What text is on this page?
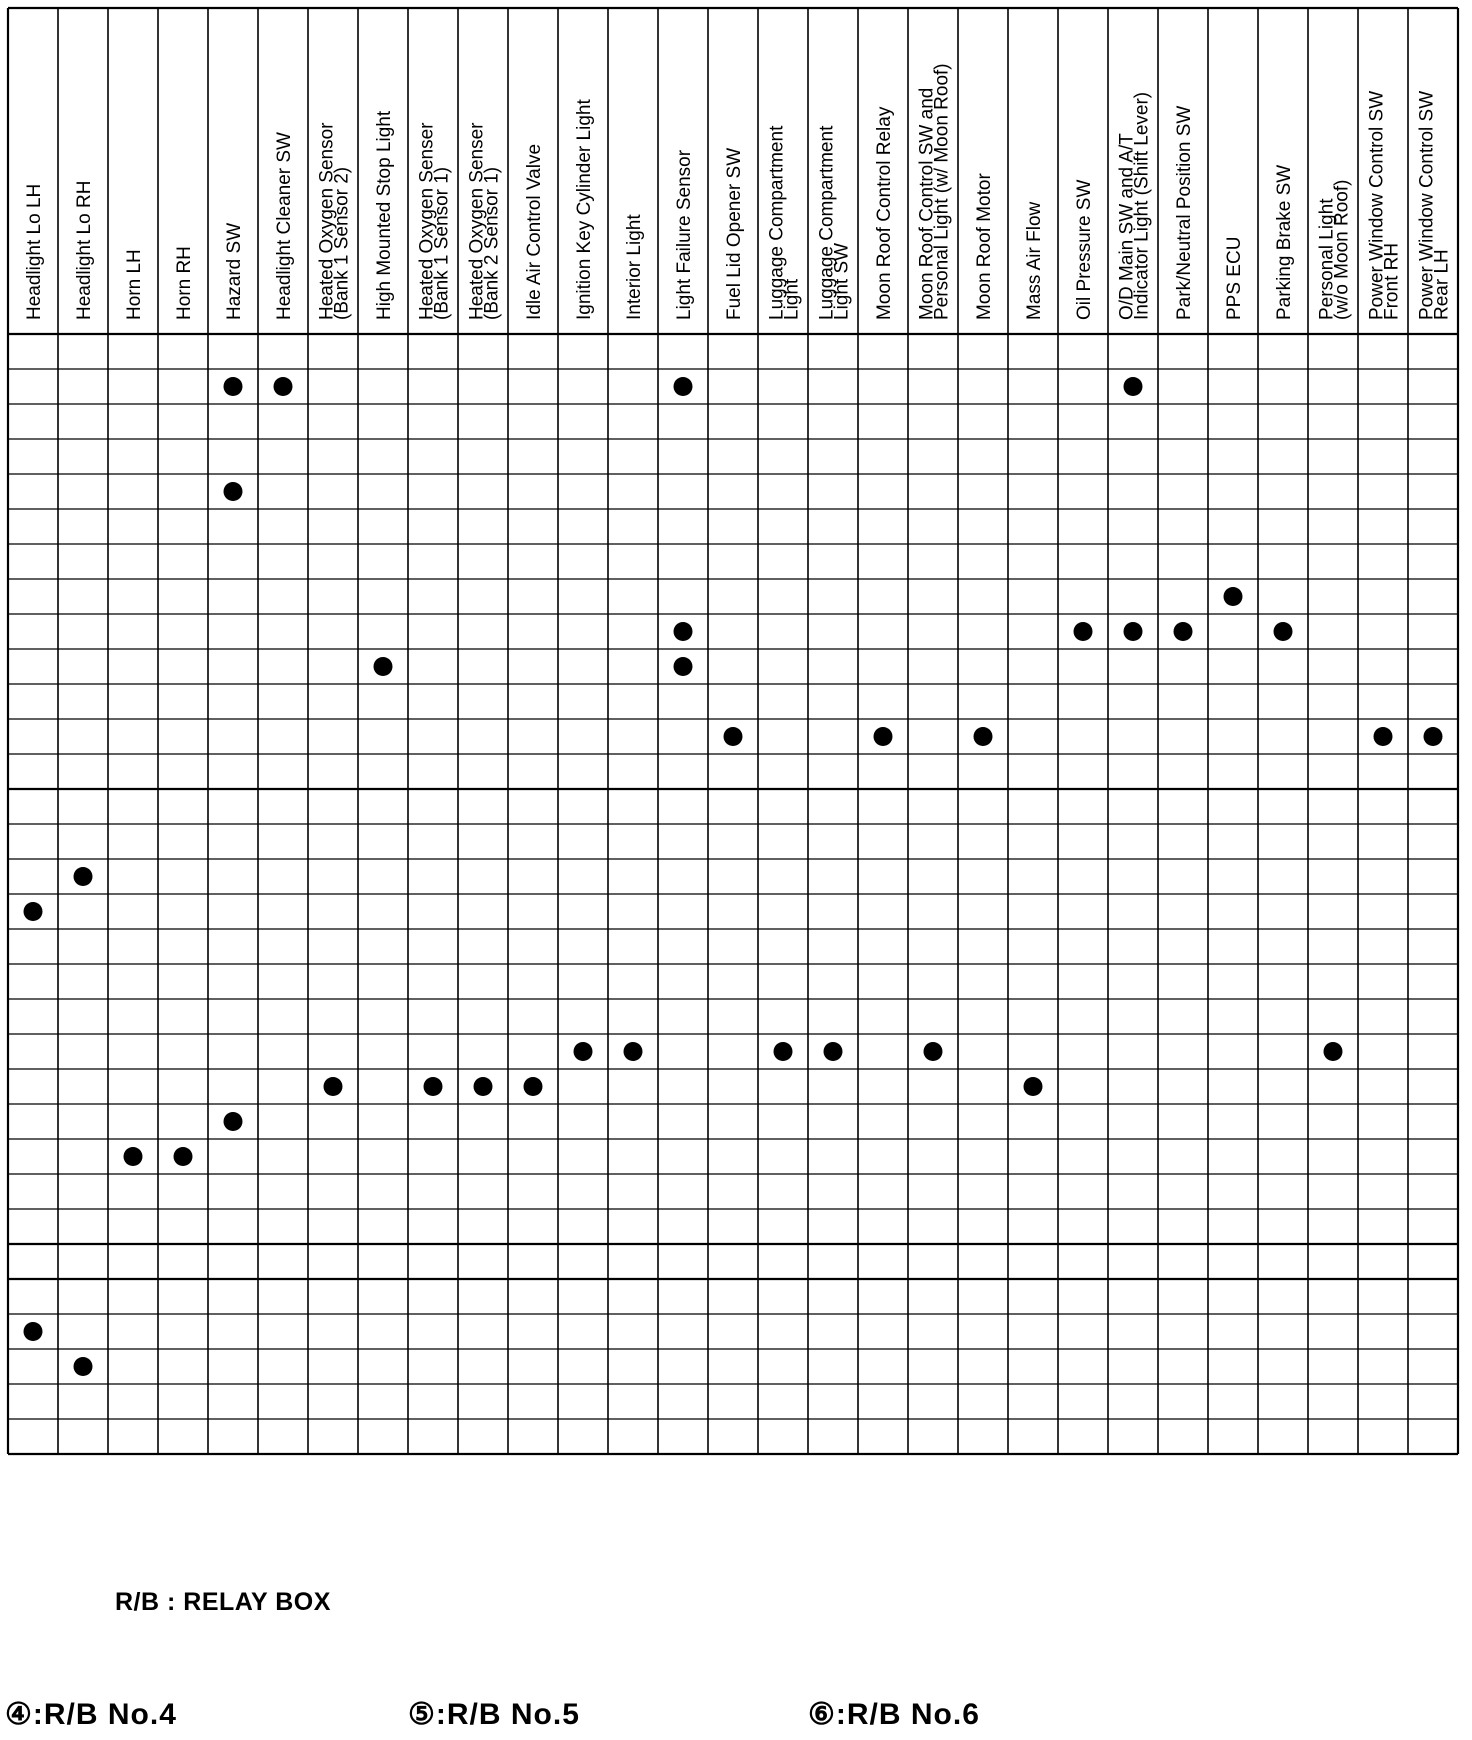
Headlight Lo LH Headlight Lo RH Horn LH Horn RH Hazard SW Headlight Cleaner SW Heated Oxygen Sensor
(Bank 1 Sensor 2) High Mounted Stop Light Heated Oxygen Senser
(Bank 1 Sensor 1) Heated Oxygen Senser
(Bank 2 Sensor 1) Idle Air Control Valve Ignition Key Cylinder Light Interior Light Light Failure Sensor Fuel Lid Opener SW Luggage Compartment
Light Luggage Compartment
Light SW Moon Roof Control Relay Moon Roof Control SW and
Personal Light (w/ Moon Roof) Moon Roof Motor Mass Air Flow Oil Pressure SW O/D Main SW and A/T
Indicator Light (Shift Lever) Park/Neutral Position SW PPS ECU Parking Brake SW Personal Light
(w/o Moon Roof) Power Window Control SW
Front RH Power Window Control SW
Rear LH
R/B : RELAY BOX
④:R/B No.4	⑤:R/B No.5	⑥:R/B No.6
